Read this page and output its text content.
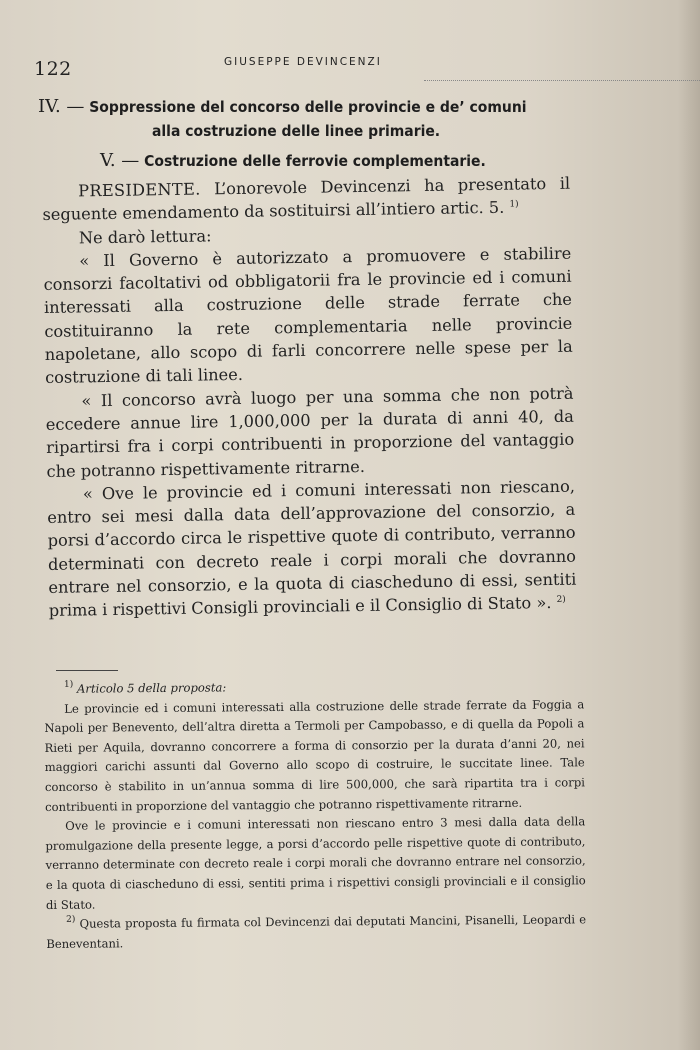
122	GIUSEPPE DEVINCENZI
IV. — Soppressione del concorso delle provincie e de’ comuni
alla costruzione delle linee primarie.
V. — Costruzione delle ferrovie complementarie.

PRESIDENTE. L’onorevole Devincenzi ha presentato il seguente emendamento da sostituirsi all’intiero artic. 5. $^{1)}$

Ne darò lettura:

« Il Governo è autorizzato a promuovere e stabilire consorzi facoltativi od obbligatorii fra le provincie ed i comuni interessati alla costruzione delle strade ferrate che costituiranno la rete complementaria nelle provincie napoletane, allo scopo di farli concorrere nelle spese per la costruzione di tali linee.

« Il concorso avrà luogo per una somma che non potrà eccedere annue lire 1,000,000 per la durata di anni 40, da ripartirsi fra i corpi contribuenti in proporzione del vantaggio che potranno rispettivamente ritrarne.

« Ove le provincie ed i comuni interessati non riescano, entro sei mesi dalla data dell’approvazione del consorzio, a porsi d’accordo circa le rispettive quote di contributo, verranno determinati con decreto reale i corpi morali che dovranno entrare nel consorzio, e la quota di ciascheduno di essi, sentiti prima i rispettivi Consigli provinciali e il Consiglio di Stato ». $^{2)}$

$^{1)}$ Articolo 5 della proposta:

Le provincie ed i comuni interessati alla costruzione delle strade ferrate da Foggia a Napoli per Benevento, dell’altra diretta a Termoli per Campobasso, e di quella da Popoli a Rieti per Aquila, dovranno concorrere a forma di consorzio per la durata d’anni 20, nei maggiori carichi assunti dal Governo allo scopo di costruire, le succitate linee. Tale concorso è stabilito in un’annua somma di lire 500,000, che sarà ripartita tra i corpi contribuenti in proporzione del vantaggio che potranno rispettivamente ritrarne.

Ove le provincie e i comuni interessati non riescano entro 3 mesi dalla data della promulgazione della presente legge, a porsi d’accordo pelle rispettive quote di contributo, verranno determinate con decreto reale i corpi morali che dovranno entrare nel consorzio, e la quota di ciascheduno di essi, sentiti prima i rispettivi consigli provinciali e il consiglio di Stato.

$^{2)}$ Questa proposta fu firmata col Devincenzi dai deputati Mancini, Pisanelli, Leopardi e Beneventani.
